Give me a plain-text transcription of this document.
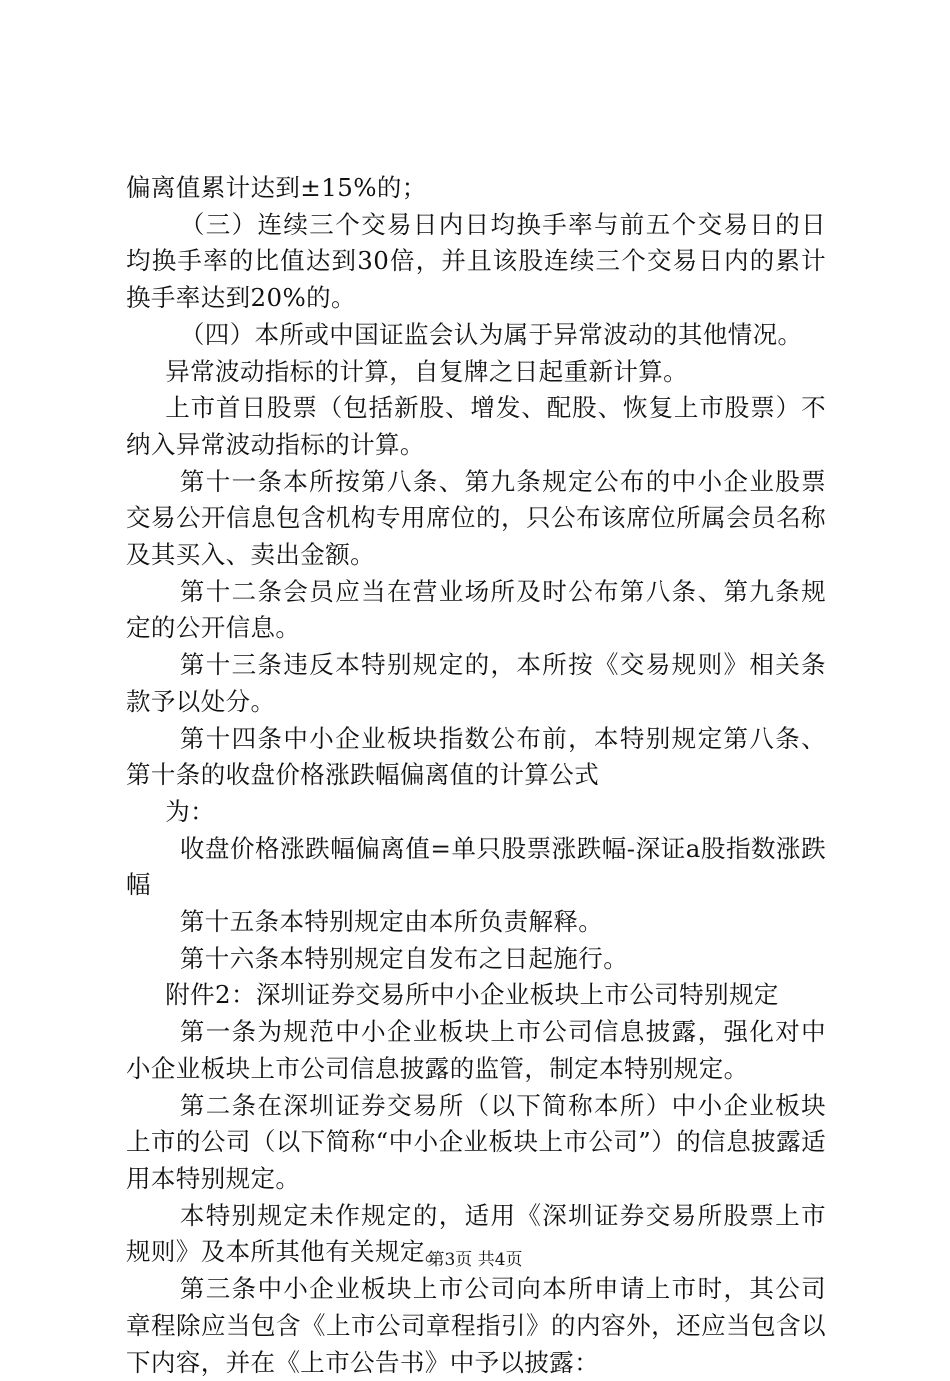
偏离值累计达到±15%的；

（三）连续三个交易日内日均换手率与前五个交易日的日均换手率的比值达到30倍，并且该股连续三个交易日内的累计换手率达到20%的。

（四）本所或中国证监会认为属于异常波动的其他情况。

异常波动指标的计算，自复牌之日起重新计算。

上市首日股票（包括新股、增发、配股、恢复上市股票）不纳入异常波动指标的计算。

第十一条本所按第八条、第九条规定公布的中小企业股票交易公开信息包含机构专用席位的，只公布该席位所属会员名称及其买入、卖出金额。

第十二条会员应当在营业场所及时公布第八条、第九条规定的公开信息。

第十三条违反本特别规定的，本所按《交易规则》相关条款予以处分。

第十四条中小企业板块指数公布前，本特别规定第八条、第十条的收盘价格涨跌幅偏离值的计算公式

为：

收盘价格涨跌幅偏离值=单只股票涨跌幅-深证a股指数涨跌幅

第十五条本特别规定由本所负责解释。

第十六条本特别规定自发布之日起施行。

附件2：深圳证券交易所中小企业板块上市公司特别规定

第一条为规范中小企业板块上市公司信息披露，强化对中小企业板块上市公司信息披露的监管，制定本特别规定。

第二条在深圳证券交易所（以下简称本所）中小企业板块上市的公司（以下简称“中小企业板块上市公司”）的信息披露适用本特别规定。

本特别规定未作规定的，适用《深圳证券交易所股票上市规则》及本所其他有关规定。

第三条中小企业板块上市公司向本所申请上市时，其公司章程除应当包含《上市公司章程指引》的内容外，还应当包含以下内容，并在《上市公告书》中予以披露：

第3页 共4页
